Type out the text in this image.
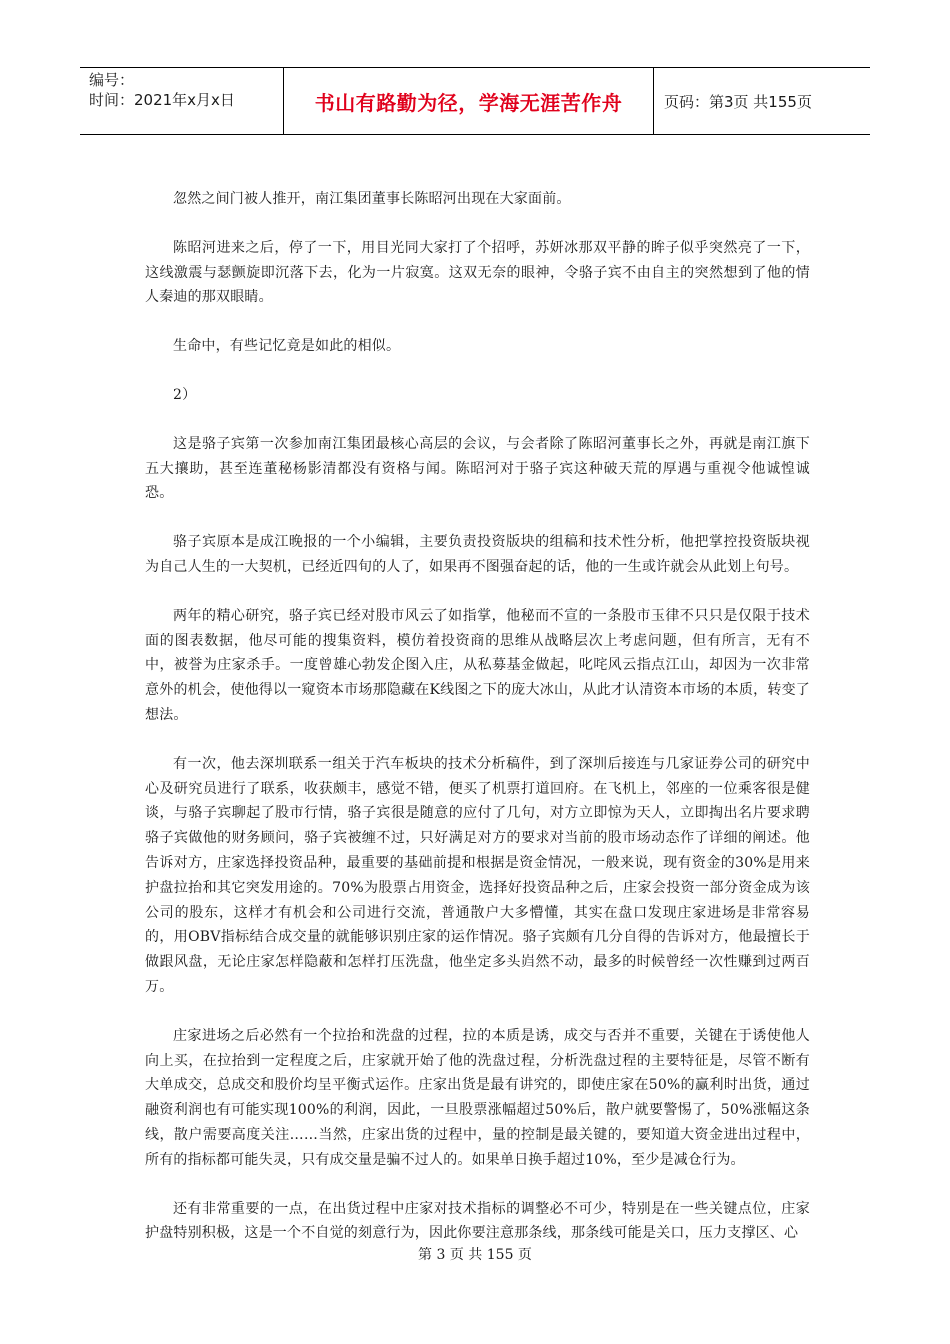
编号：
时间：2021年x月x日	书山有路勤为径，学海无涯苦作舟	页码：第3页 共155页

忽然之间门被人推开，南江集团董事长陈昭河出现在大家面前。

陈昭河进来之后，停了一下，用目光同大家打了个招呼，苏妍冰那双平静的眸子似乎突然亮了一下，这线激震与瑟颤旋即沉落下去，化为一片寂寞。这双无奈的眼神，令骆子宾不由自主的突然想到了他的情人秦迪的那双眼睛。

生命中，有些记忆竟是如此的相似。

2）

这是骆子宾第一次参加南江集团最核心高层的会议，与会者除了陈昭河董事长之外，再就是南江旗下五大攘助，甚至连董秘杨影清都没有资格与闻。陈昭河对于骆子宾这种破天荒的厚遇与重视令他诚惶诚恐。

骆子宾原本是成江晚报的一个小编辑，主要负责投资版块的组稿和技术性分析，他把掌控投资版块视为自己人生的一大契机，已经近四旬的人了，如果再不图强奋起的话，他的一生或许就会从此划上句号。

两年的精心研究，骆子宾已经对股市风云了如指掌，他秘而不宣的一条股市玉律不只只是仅限于技术面的图表数据，他尽可能的搜集资料，模仿着投资商的思维从战略层次上考虑问题，但有所言，无有不中，被誉为庄家杀手。一度曾雄心勃发企图入庄，从私募基金做起，叱咤风云指点江山，却因为一次非常意外的机会，使他得以一窥资本市场那隐藏在K线图之下的庞大冰山，从此才认清资本市场的本质，转变了想法。

有一次，他去深圳联系一组关于汽车板块的技术分析稿件，到了深圳后接连与几家证券公司的研究中心及研究员进行了联系，收获颇丰，感觉不错，便买了机票打道回府。在飞机上，邻座的一位乘客很是健谈，与骆子宾聊起了股市行情，骆子宾很是随意的应付了几句，对方立即惊为天人，立即掏出名片要求聘骆子宾做他的财务顾问，骆子宾被缠不过，只好满足对方的要求对当前的股市场动态作了详细的阐述。他告诉对方，庄家选择投资品种，最重要的基础前提和根据是资金情况，一般来说，现有资金的30%是用来护盘拉抬和其它突发用途的。70%为股票占用资金，选择好投资品种之后，庄家会投资一部分资金成为该公司的股东，这样才有机会和公司进行交流，普通散户大多懵懂，其实在盘口发现庄家进场是非常容易的，用OBV指标结合成交量的就能够识别庄家的运作情况。骆子宾颇有几分自得的告诉对方，他最擅长于做跟风盘，无论庄家怎样隐蔽和怎样打压洗盘，他坐定多头岿然不动，最多的时候曾经一次性赚到过两百万。

庄家进场之后必然有一个拉抬和洗盘的过程，拉的本质是诱，成交与否并不重要，关键在于诱使他人向上买，在拉抬到一定程度之后，庄家就开始了他的洗盘过程，分析洗盘过程的主要特征是，尽管不断有大单成交，总成交和股价均呈平衡式运作。庄家出货是最有讲究的，即使庄家在50%的赢利时出货，通过融资利润也有可能实现100%的利润，因此，一旦股票涨幅超过50%后，散户就要警惕了，50%涨幅这条线，散户需要高度关注……当然，庄家出货的过程中，量的控制是最关键的，要知道大资金进出过程中，所有的指标都可能失灵，只有成交量是骗不过人的。如果单日换手超过10%，至少是减仓行为。

还有非常重要的一点，在出货过程中庄家对技术指标的调整必不可少，特别是在一些关键点位，庄家护盘特别积极，这是一个不自觉的刻意行为，因此你要注意那条线，那条线可能是关口，压力支撑区、心

第 3 页 共 155 页
